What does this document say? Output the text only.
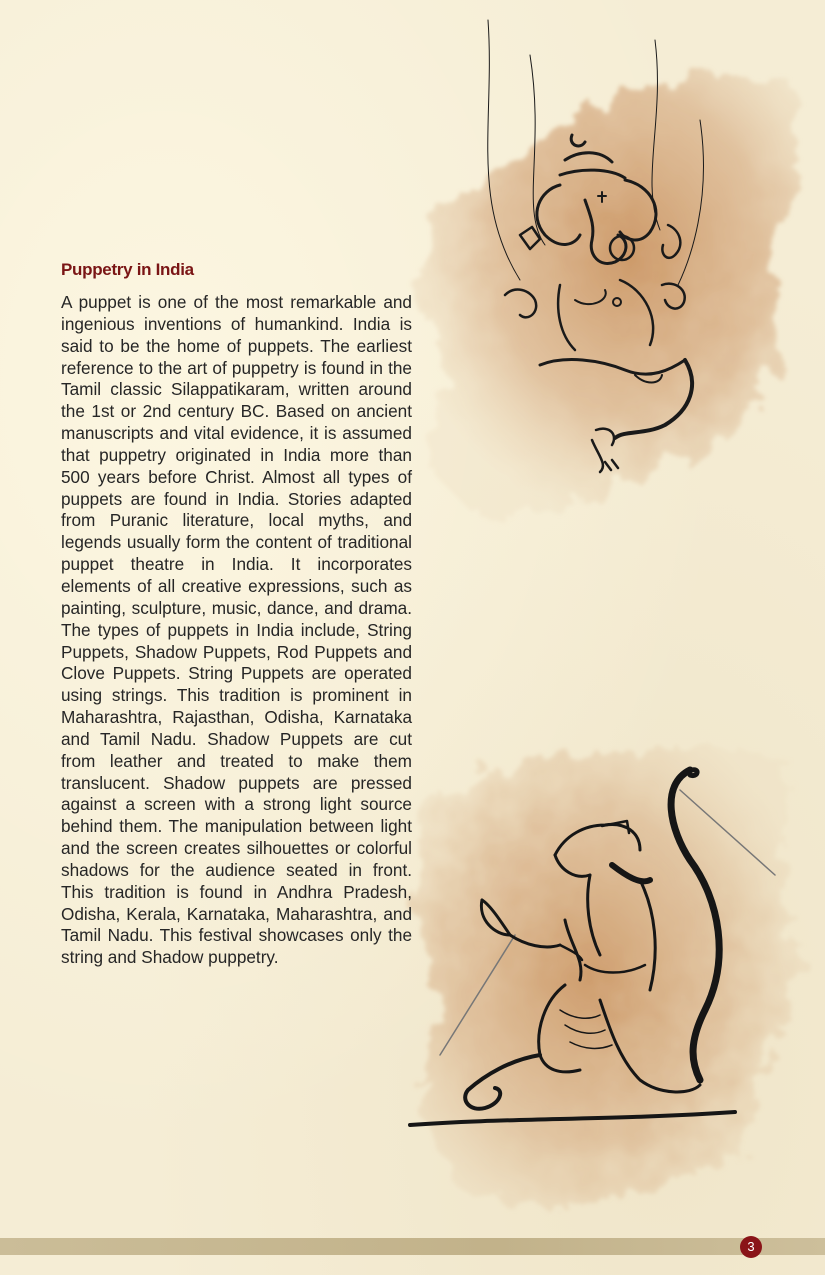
Puppetry in India

A puppet is one of the most remarkable and ingenious inventions of humankind. India is said to be the home of puppets. The earliest reference to the art of puppetry is found in the Tamil classic Silappatikaram, written around the 1st or 2nd century BC. Based on ancient manuscripts and vital evidence, it is assumed that puppetry originated in India more than 500 years before Christ. Almost all types of puppets are found in India. Stories adapted from Puranic literature, local myths, and legends usually form the content of traditional puppet theatre in India. It incorporates elements of all creative expressions, such as painting, sculpture, music, dance, and drama. The types of puppets in India include, String Puppets, Shadow Puppets, Rod Puppets and Clove Puppets. String Puppets are operated using strings. This tradition is prominent in Maharashtra, Rajasthan, Odisha, Karnataka and Tamil Nadu. Shadow Puppets are cut from leather and treated to make them translucent. Shadow puppets are pressed against a screen with a strong light source behind them. The manipulation between light and the screen creates silhouettes or colorful shadows for the audience seated in front. This tradition is found in Andhra Pradesh, Odisha, Kerala, Karnataka, Maharashtra, and Tamil Nadu. This festival showcases only the string and Shadow puppetry.

3
